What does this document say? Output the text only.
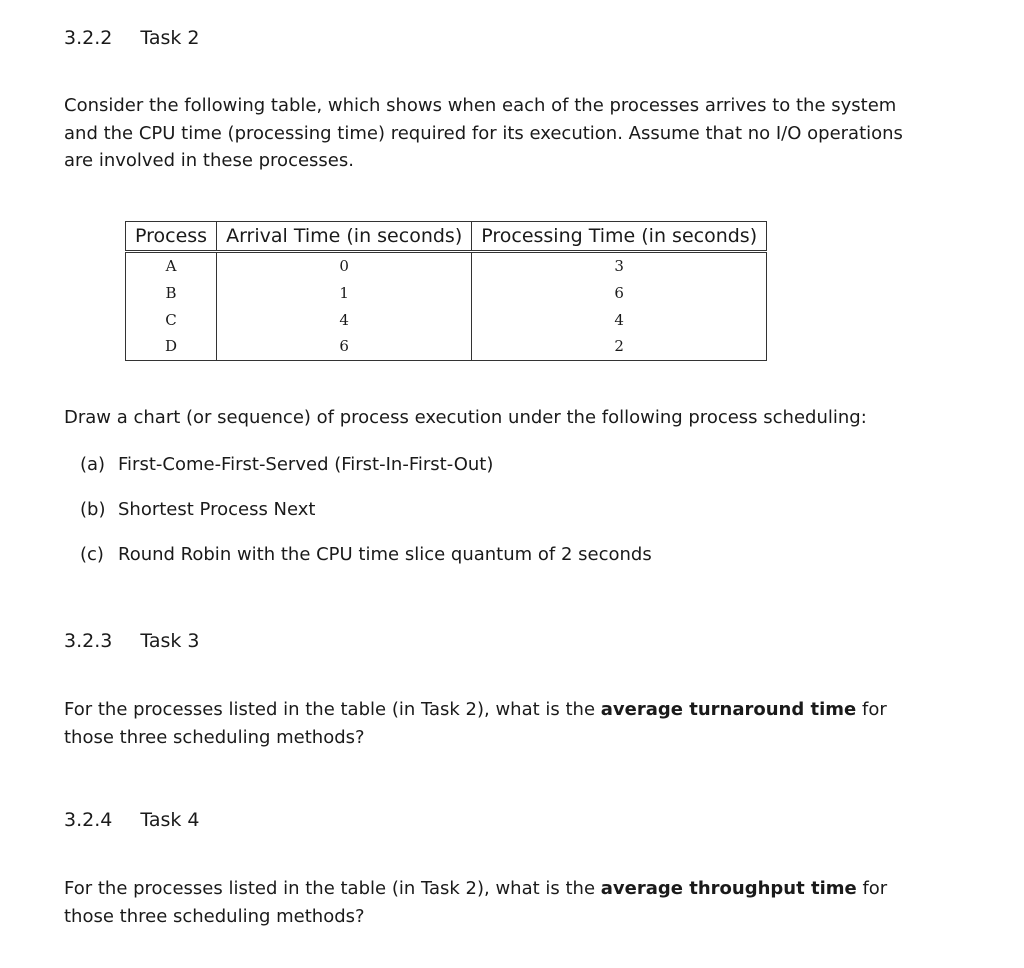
3.2.2 Task 2

Consider the following table, which shows when each of the processes arrives to the system and the CPU time (processing time) required for its execution. Assume that no I/O operations are involved in these processes.

Process	Arrival Time (in seconds)	Processing Time (in seconds)
A	0	3
B	1	6
C	4	4
D	6	2

Draw a chart (or sequence) of process execution under the following process scheduling:

(a) First-Come-First-Served (First-In-First-Out)
(b) Shortest Process Next
(c) Round Robin with the CPU time slice quantum of 2 seconds
3.2.3 Task 3

For the processes listed in the table (in Task 2), what is the average turnaround time for those three scheduling methods?

3.2.4 Task 4

For the processes listed in the table (in Task 2), what is the average throughput time for those three scheduling methods?
